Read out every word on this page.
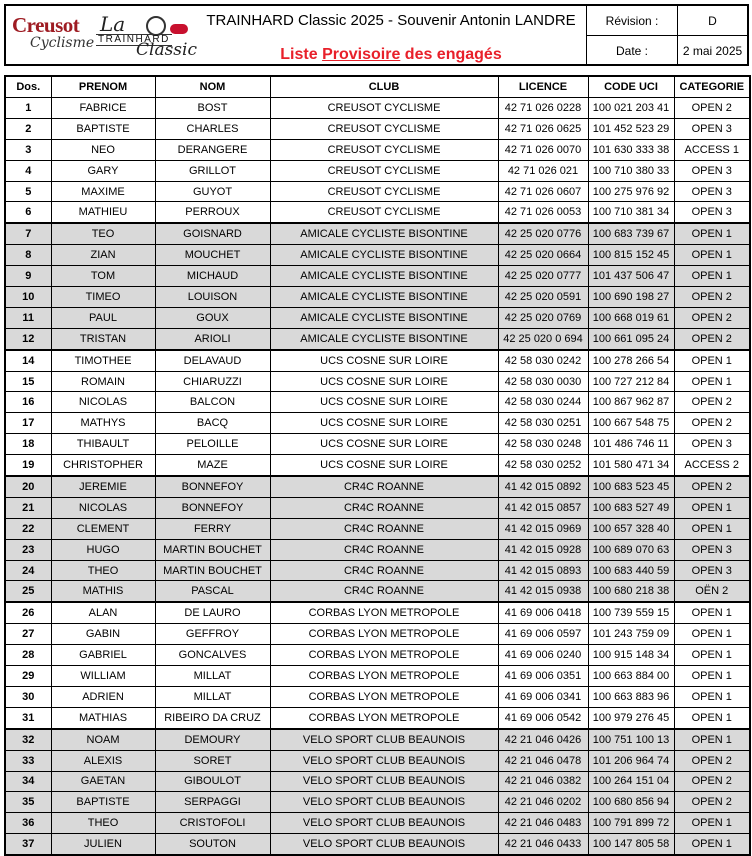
Creusot
Cyclisme
La
TRAINHARD
Classic
TRAINHARD Classic 2025 - Souvenir Antonin LANDRE
Liste Provisoire des engagés
Révision :	D
Date :	2 mai 2025
Dos.	PRENOM	NOM	CLUB	LICENCE	CODE UCI	CATEGORIE
1	FABRICE	BOST	CREUSOT CYCLISME	42 71 026 0228	100 021 203 41	OPEN 2
2	BAPTISTE	CHARLES	CREUSOT CYCLISME	42 71 026 0625	101 452 523 29	OPEN 3
3	NEO	DERANGERE	CREUSOT CYCLISME	42 71 026 0070	101 630 333 38	ACCESS 1
4	GARY	GRILLOT	CREUSOT CYCLISME	42 71 026 021	100 710 380 33	OPEN 3
5	MAXIME	GUYOT	CREUSOT CYCLISME	42 71 026 0607	100 275 976 92	OPEN 3
6	MATHIEU	PERROUX	CREUSOT CYCLISME	42 71 026 0053	100 710 381 34	OPEN 3
7	TEO	GOISNARD	AMICALE CYCLISTE BISONTINE	42 25 020 0776	100 683 739 67	OPEN 1
8	ZIAN	MOUCHET	AMICALE CYCLISTE BISONTINE	42 25 020 0664	100 815 152 45	OPEN 1
9	TOM	MICHAUD	AMICALE CYCLISTE BISONTINE	42 25 020 0777	101 437 506 47	OPEN 1
10	TIMEO	LOUISON	AMICALE CYCLISTE BISONTINE	42 25 020 0591	100 690 198 27	OPEN 2
11	PAUL	GOUX	AMICALE CYCLISTE BISONTINE	42 25 020 0769	100 668 019 61	OPEN 2
12	TRISTAN	ARIOLI	AMICALE CYCLISTE BISONTINE	42 25 020 0 694	100 661 095 24	OPEN 2
14	TIMOTHEE	DELAVAUD	UCS COSNE SUR LOIRE	42 58 030 0242	100 278 266 54	OPEN 1
15	ROMAIN	CHIARUZZI	UCS COSNE SUR LOIRE	42 58 030 0030	100 727 212 84	OPEN 1
16	NICOLAS	BALCON	UCS COSNE SUR LOIRE	42 58 030 0244	100 867 962 87	OPEN 2
17	MATHYS	BACQ	UCS COSNE SUR LOIRE	42 58 030 0251	100 667 548 75	OPEN 2
18	THIBAULT	PELOILLE	UCS COSNE SUR LOIRE	42 58 030 0248	101 486 746 11	OPEN 3
19	CHRISTOPHER	MAZE	UCS COSNE SUR LOIRE	42 58 030 0252	101 580 471 34	ACCESS 2
20	JEREMIE	BONNEFOY	CR4C ROANNE	41 42 015 0892	100 683 523 45	OPEN 2
21	NICOLAS	BONNEFOY	CR4C ROANNE	41 42 015 0857	100 683 527 49	OPEN 1
22	CLEMENT	FERRY	CR4C ROANNE	41 42 015 0969	100 657 328 40	OPEN 1
23	HUGO	MARTIN BOUCHET	CR4C ROANNE	41 42 015 0928	100 689 070 63	OPEN 3
24	THEO	MARTIN BOUCHET	CR4C ROANNE	41 42 015 0893	100 683 440 59	OPEN 3
25	MATHIS	PASCAL	CR4C ROANNE	41 42 015 0938	100 680 218 38	OËN 2
26	ALAN	DE LAURO	CORBAS LYON METROPOLE	41 69 006 0418	100 739 559 15	OPEN 1
27	GABIN	GEFFROY	CORBAS LYON METROPOLE	41 69 006 0597	101 243 759 09	OPEN 1
28	GABRIEL	GONCALVES	CORBAS LYON METROPOLE	41 69 006 0240	100 915 148 34	OPEN 1
29	WILLIAM	MILLAT	CORBAS LYON METROPOLE	41 69 006 0351	100 663 884 00	OPEN 1
30	ADRIEN	MILLAT	CORBAS LYON METROPOLE	41 69 006 0341	100 663 883 96	OPEN 1
31	MATHIAS	RIBEIRO DA CRUZ	CORBAS LYON METROPOLE	41 69 006 0542	100 979 276 45	OPEN 1
32	NOAM	DEMOURY	VELO SPORT CLUB BEAUNOIS	42 21 046 0426	100 751 100 13	OPEN 1
33	ALEXIS	SORET	VELO SPORT CLUB BEAUNOIS	42 21 046 0478	101 206 964 74	OPEN 2
34	GAETAN	GIBOULOT	VELO SPORT CLUB BEAUNOIS	42 21 046 0382	100 264 151 04	OPEN 2
35	BAPTISTE	SERPAGGI	VELO SPORT CLUB BEAUNOIS	42 21 046 0202	100 680 856 94	OPEN 2
36	THEO	CRISTOFOLI	VELO SPORT CLUB BEAUNOIS	42 21 046 0483	100 791 899 72	OPEN 1
37	JULIEN	SOUTON	VELO SPORT CLUB BEAUNOIS	42 21 046 0433	100 147 805 58	OPEN 1
